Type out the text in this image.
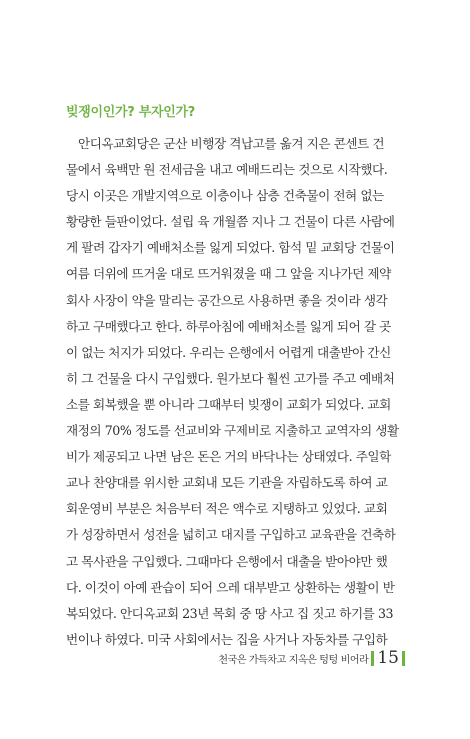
빚쟁이인가? 부자인가?
안디옥교회당은 군산 비행장 격납고를 옮겨 지은 콘센트 건
물에서 육백만 원 전세금을 내고 예배드리는 것으로 시작했다.
당시 이곳은 개발지역으로 이층이나 삼층 건축물이 전혀 없는
황량한 들판이었다. 설립 육 개월쯤 지나 그 건물이 다른 사람에
게 팔려 갑자기 예배처소를 잃게 되었다. 함석 밑 교회당 건물이
여름 더위에 뜨거울 대로 뜨거워졌을 때 그 앞을 지나가던 제약
회사 사장이 약을 말리는 공간으로 사용하면 좋을 것이라 생각
하고 구매했다고 한다. 하루아침에 예배처소를 잃게 되어 갈 곳
이 없는 처지가 되었다. 우리는 은행에서 어렵게 대출받아 간신
히 그 건물을 다시 구입했다. 원가보다 훨씬 고가를 주고 예배처
소를 회복했을 뿐 아니라 그때부터 빚쟁이 교회가 되었다. 교회
재정의 70% 정도를 선교비와 구제비로 지출하고 교역자의 생활
비가 제공되고 나면 남은 돈은 거의 바닥나는 상태였다. 주일학
교나 찬양대를 위시한 교회내 모든 기관을 자립하도록 하여 교
회운영비 부분은 처음부터 적은 액수로 지탱하고 있었다. 교회
가 성장하면서 성전을 넓히고 대지를 구입하고 교육관을 건축하
고 목사관을 구입했다. 그때마다 은행에서 대출을 받아야만 했
다. 이것이 아예 관습이 되어 으레 대부받고 상환하는 생활이 반
복되었다. 안디옥교회 23년 목회 중 땅 사고 집 짓고 하기를 33
번이나 하였다. 미국 사회에서는 집을 사거나 자동차를 구입하
천국은 가득차고 지옥은 텅텅 비어라 15
